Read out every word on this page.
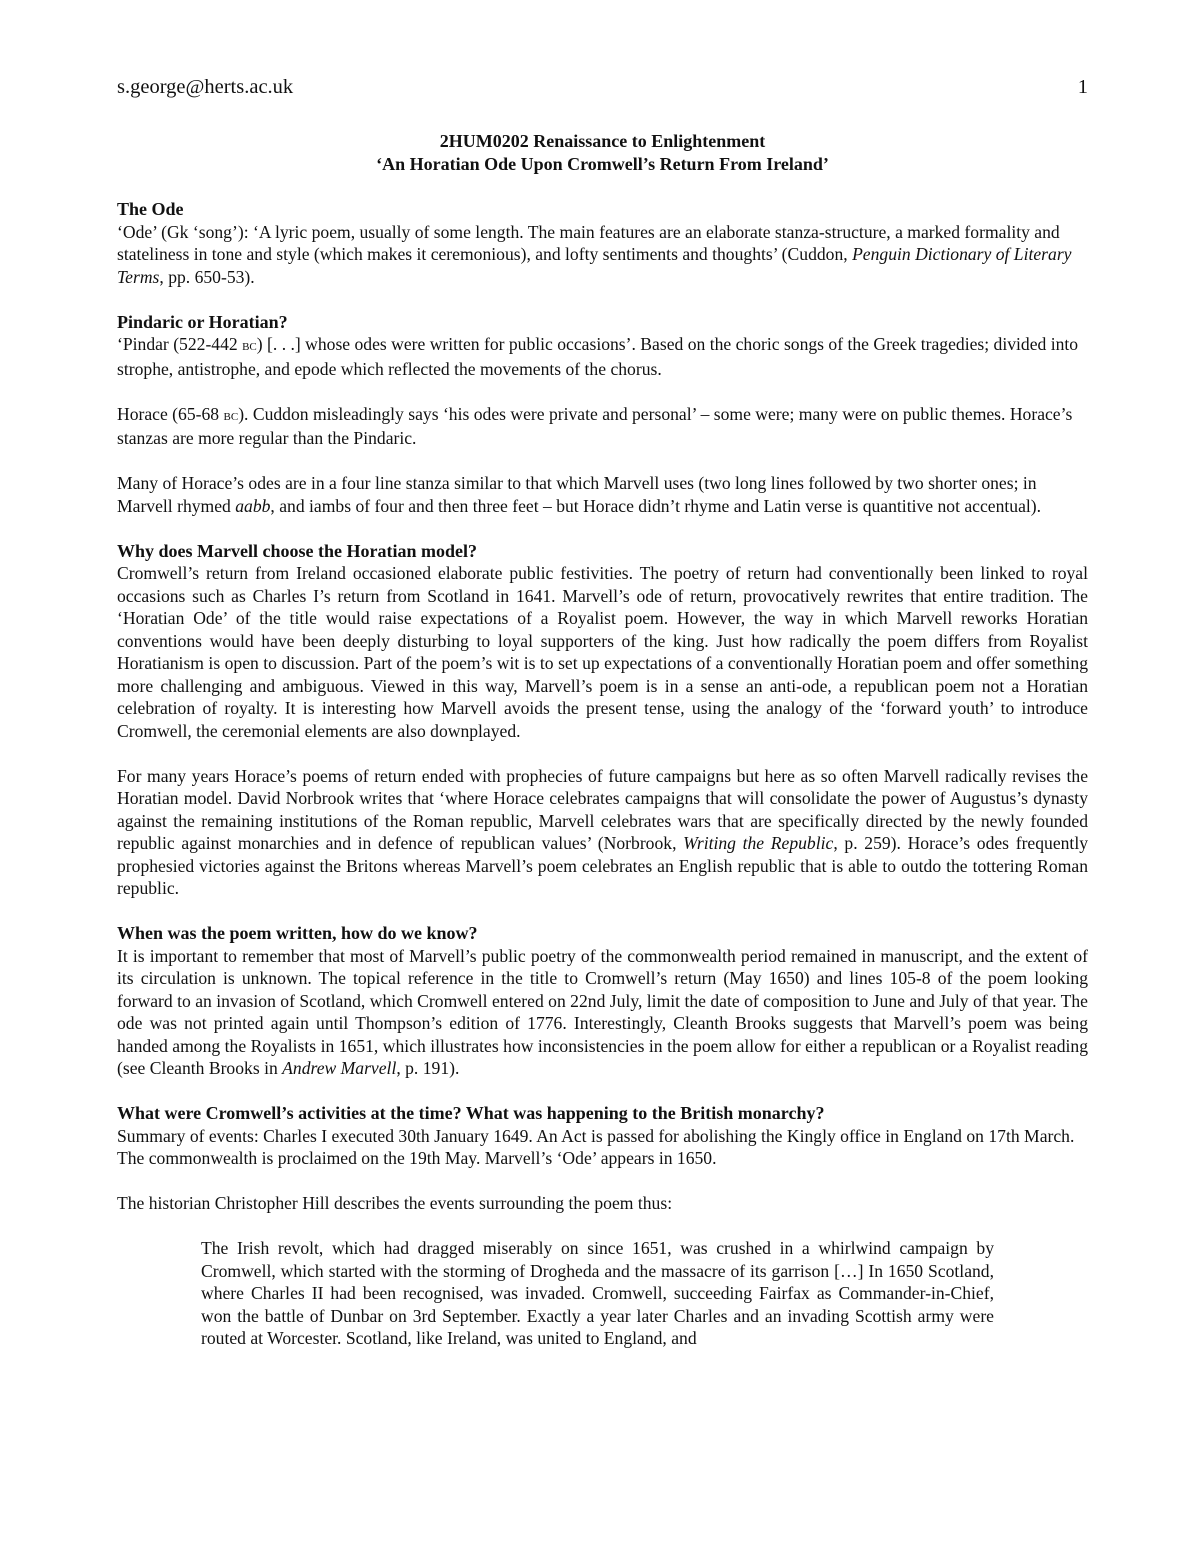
s.george@herts.ac.uk	1
2HUM0202 Renaissance to Enlightenment
‘An Horatian Ode Upon Cromwell’s Return From Ireland’
The Ode

‘Ode’ (Gk ‘song’): ‘A lyric poem, usually of some length. The main features are an elaborate stanza-structure, a marked formality and stateliness in tone and style (which makes it ceremonious), and lofty sentiments and thoughts’ (Cuddon, Penguin Dictionary of Literary Terms, pp. 650-53).

Pindaric or Horatian?

‘Pindar (522-442 bc) [. . .] whose odes were written for public occasions’. Based on the choric songs of the Greek tragedies; divided into strophe, antistrophe, and epode which reflected the movements of the chorus.

Horace (65-68 bc). Cuddon misleadingly says ‘his odes were private and personal’ – some were; many were on public themes. Horace’s stanzas are more regular than the Pindaric.

Many of Horace’s odes are in a four line stanza similar to that which Marvell uses (two long lines followed by two shorter ones; in Marvell rhymed aabb, and iambs of four and then three feet – but Horace didn’t rhyme and Latin verse is quantitive not accentual).

Why does Marvell choose the Horatian model?

Cromwell’s return from Ireland occasioned elaborate public festivities. The poetry of return had conventionally been linked to royal occasions such as Charles I’s return from Scotland in 1641. Marvell’s ode of return, provocatively rewrites that entire tradition. The ‘Horatian Ode’ of the title would raise expectations of a Royalist poem. However, the way in which Marvell reworks Horatian conventions would have been deeply disturbing to loyal supporters of the king. Just how radically the poem differs from Royalist Horatianism is open to discussion. Part of the poem’s wit is to set up expectations of a conventionally Horatian poem and offer something more challenging and ambiguous. Viewed in this way, Marvell’s poem is in a sense an anti-ode, a republican poem not a Horatian celebration of royalty. It is interesting how Marvell avoids the present tense, using the analogy of the ‘forward youth’ to introduce Cromwell, the ceremonial elements are also downplayed.

For many years Horace’s poems of return ended with prophecies of future campaigns but here as so often Marvell radically revises the Horatian model. David Norbrook writes that ‘where Horace celebrates campaigns that will consolidate the power of Augustus’s dynasty against the remaining institutions of the Roman republic, Marvell celebrates wars that are specifically directed by the newly founded republic against monarchies and in defence of republican values’ (Norbrook, Writing the Republic, p. 259). Horace’s odes frequently prophesied victories against the Britons whereas Marvell’s poem celebrates an English republic that is able to outdo the tottering Roman republic.

When was the poem written, how do we know?

It is important to remember that most of Marvell’s public poetry of the commonwealth period remained in manuscript, and the extent of its circulation is unknown. The topical reference in the title to Cromwell’s return (May 1650) and lines 105-8 of the poem looking forward to an invasion of Scotland, which Cromwell entered on 22nd July, limit the date of composition to June and July of that year. The ode was not printed again until Thompson’s edition of 1776. Interestingly, Cleanth Brooks suggests that Marvell’s poem was being handed among the Royalists in 1651, which illustrates how inconsistencies in the poem allow for either a republican or a Royalist reading (see Cleanth Brooks in Andrew Marvell, p. 191).

What were Cromwell’s activities at the time? What was happening to the British monarchy?

Summary of events: Charles I executed 30th January 1649. An Act is passed for abolishing the Kingly office in England on 17th March. The commonwealth is proclaimed on the 19th May. Marvell’s ‘Ode’ appears in 1650.

The historian Christopher Hill describes the events surrounding the poem thus:

The Irish revolt, which had dragged miserably on since 1651, was crushed in a whirlwind campaign by Cromwell, which started with the storming of Drogheda and the massacre of its garrison […] In 1650 Scotland, where Charles II had been recognised, was invaded. Cromwell, succeeding Fairfax as Commander-in-Chief, won the battle of Dunbar on 3rd September. Exactly a year later Charles and an invading Scottish army were routed at Worcester. Scotland, like Ireland, was united to England, and
